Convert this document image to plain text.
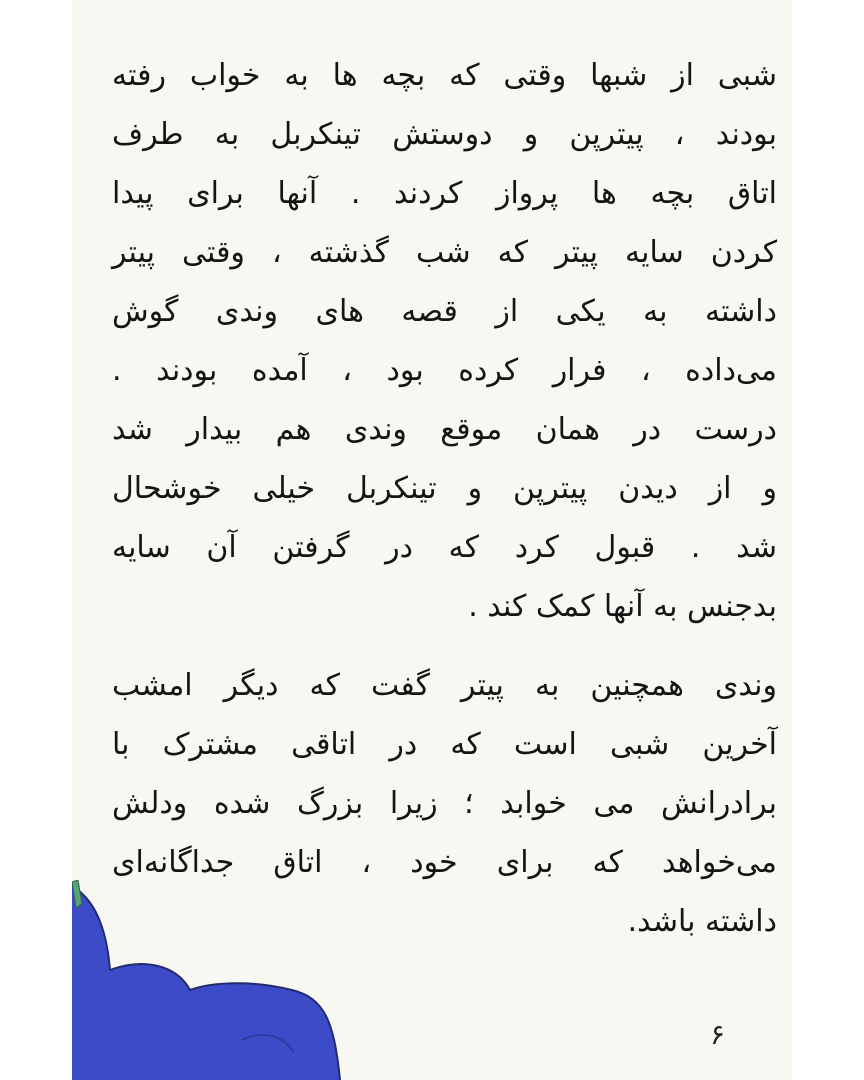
شبی از شبها وقتی که بچه ها به خواب رفته

بودند ، پیترپن و دوستش تینکربل به طرف

اتاق بچه ها پرواز کردند . آنها برای پیدا

کردن سایه پیتر که شب گذشته ، وقتی پیتر

داشته به یکی از قصه های وندی گوش

می‌داده ، فرار کرده بود ، آمده بودند .

درست در همان موقع وندی هم بیدار شد

و از دیدن پیترپن و تینکربل خیلی خوشحال

شد . قبول کرد که در گرفتن آن سایه

بدجنس به آنها کمک کند .

وندی همچنین به پیتر گفت که دیگر امشب

آخرین شبی است که در اتاقی مشترک با

برادرانش می خوابد ؛ زیرا بزرگ شده ودلش

می‌خواهد که برای خود ، اتاق جداگانه‌ای

داشته باشد.

۶
